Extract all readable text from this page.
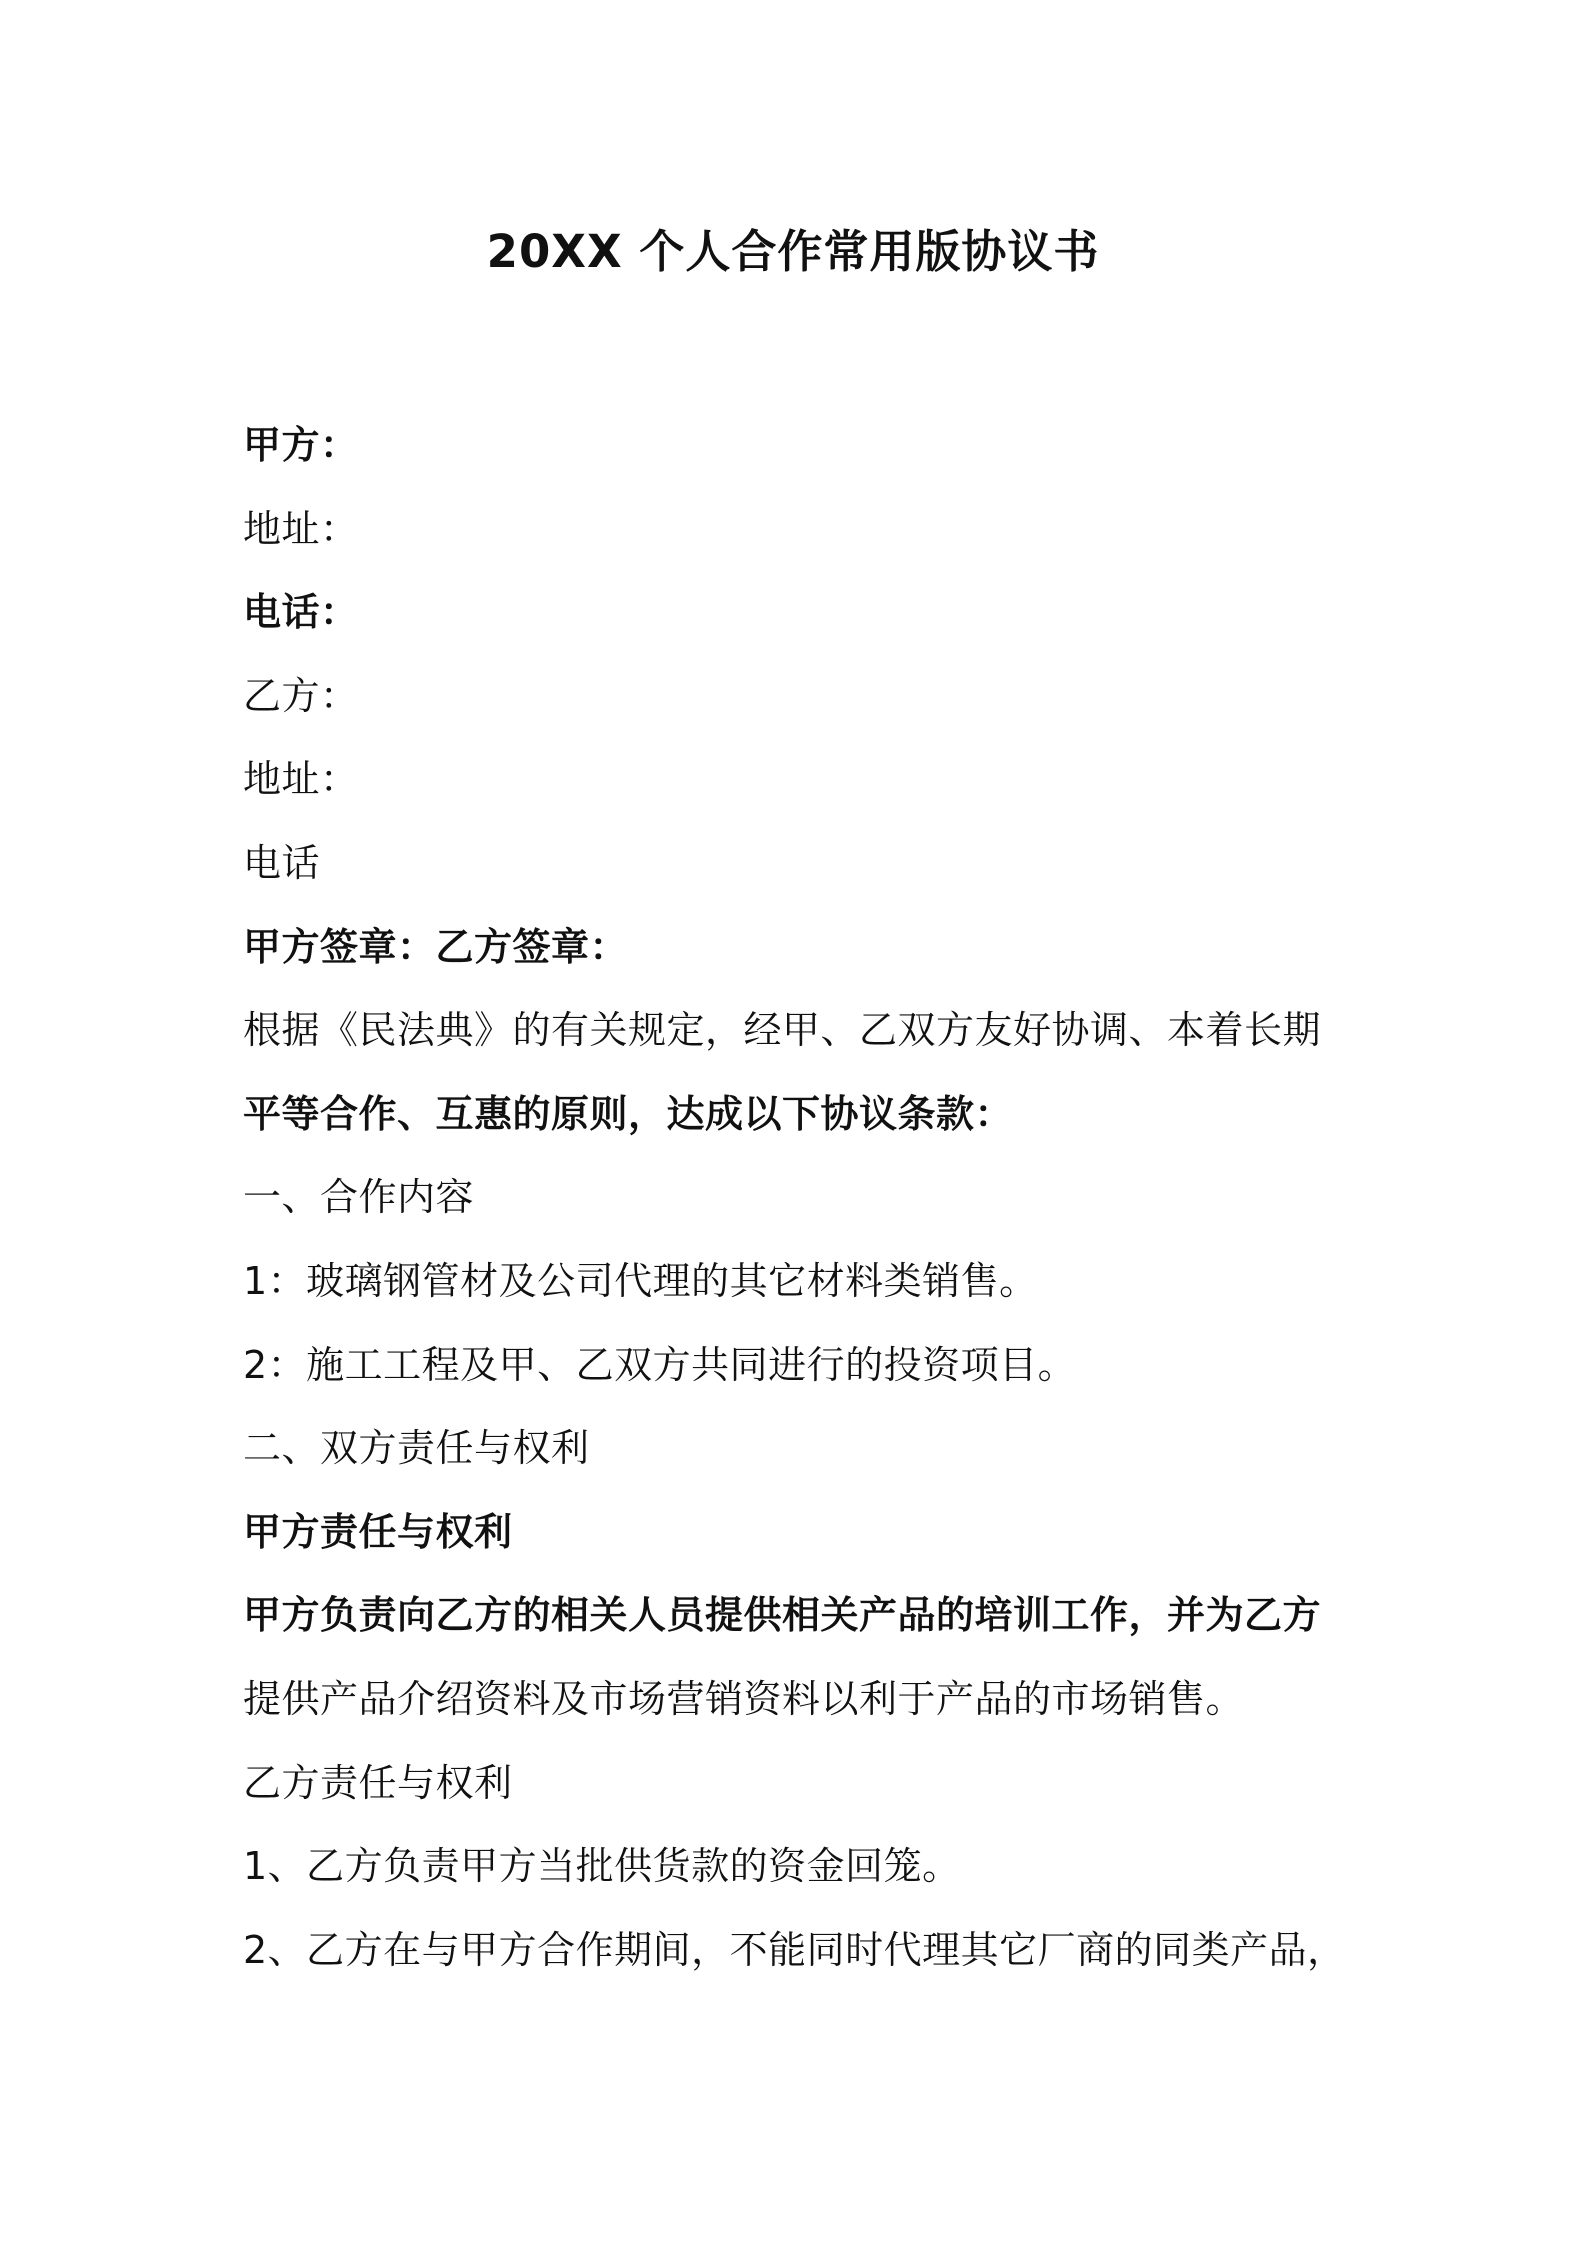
20XX 个人合作常用版协议书
甲方：
地址：
电话：
乙方：
地址：
电话
甲方签章：乙方签章：
根据《民法典》的有关规定，经甲、乙双方友好协调、本着长期
平等合作、互惠的原则，达成以下协议条款：
一、合作内容
1：玻璃钢管材及公司代理的其它材料类销售。
2：施工工程及甲、乙双方共同进行的投资项目。
二、双方责任与权利
甲方责任与权利
甲方负责向乙方的相关人员提供相关产品的培训工作，并为乙方
提供产品介绍资料及市场营销资料以利于产品的市场销售。
乙方责任与权利
1、乙方负责甲方当批供货款的资金回笼。
2、乙方在与甲方合作期间，不能同时代理其它厂商的同类产品，
